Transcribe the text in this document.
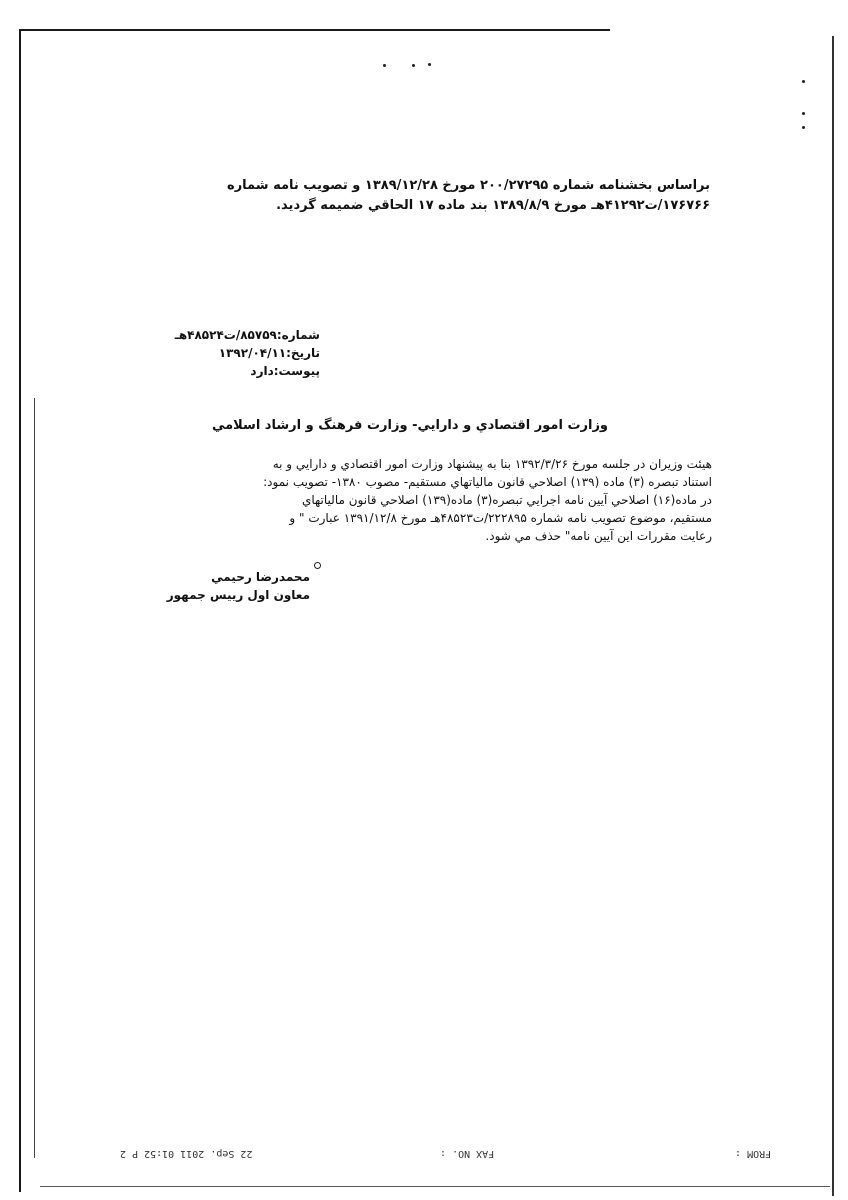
براساس بخشنامه شماره ۲۰۰/۲۷۲۹۵ مورخ ۱۳۸۹/۱۲/۲۸ و تصویب نامه شماره
۱۷۶۷۶۶/ت۴۱۲۹۲هـ مورخ ۱۳۸۹/۸/۹ بند ماده ۱۷ الحاقي ضميمه گرديد.
شماره:۸۵۷۵۹/ت۴۸۵۲۴هـ
تاريخ:۱۳۹۲/۰۴/۱۱
پيوست:دارد
وزارت امور اقتصادي و دارايي- وزارت فرهنگ و ارشاد اسلامي
هيئت وزيران در جلسه مورخ ۱۳۹۲/۳/۲۶ بنا به پيشنهاد وزارت امور اقتصادي و دارايي و به
استناد تبصره (۳) ماده (۱۳۹) اصلاحي قانون مالياتهاي مستقيم- مصوب ۱۳۸۰- تصويب نمود:
در ماده(۱۶) اصلاحي آيين نامه اجرايي تبصره(۳) ماده(۱۳۹) اصلاحي قانون مالياتهاي
مستقيم، موضوع تصويب نامه شماره ۲۲۲۸۹۵/ت۴۸۵۲۳هـ مورخ ۱۳۹۱/۱۲/۸ عبارت " و
رعايت مقررات اين آيين نامه" حذف مي شود.
محمدرضا رحيمي
معاون اول رييس جمهور
22 Sep. 2011 01:52 P 2	FAX NO. :	FROM :
